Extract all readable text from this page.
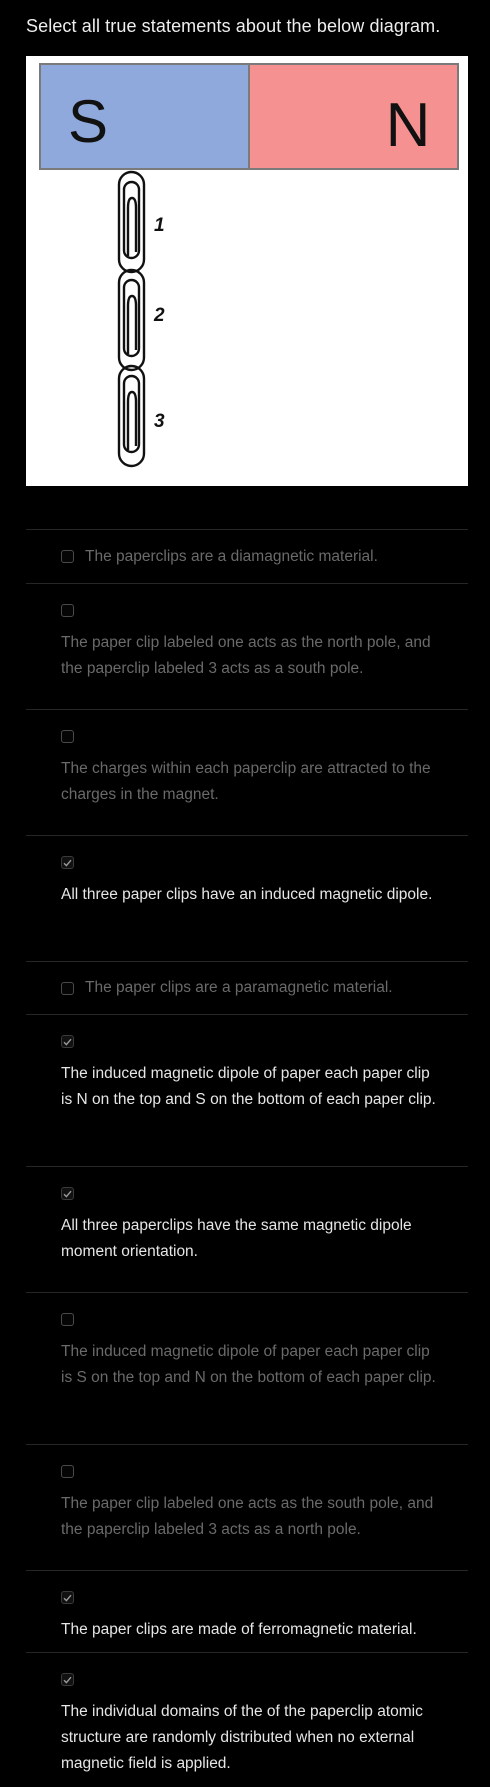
Select all true statements about the below diagram.
S	N
1
2
3
The paperclips are a diamagnetic material.
The paper clip labeled one acts as the north pole, and the paperclip labeled 3 acts as a south pole.
The charges within each paperclip are attracted to the charges in the magnet.
All three paper clips have an induced magnetic dipole.
The paper clips are a paramagnetic material.
The induced magnetic dipole of paper each paper clip is N on the top and S on the bottom of each paper clip.
All three paperclips have the same magnetic dipole moment orientation.
The induced magnetic dipole of paper each paper clip is S on the top and N on the bottom of each paper clip.
The paper clip labeled one acts as the south pole, and the paperclip labeled 3 acts as a north pole.
The paper clips are made of ferromagnetic material.
The individual domains of the of the paperclip atomic structure are randomly distributed when no external magnetic field is applied.
